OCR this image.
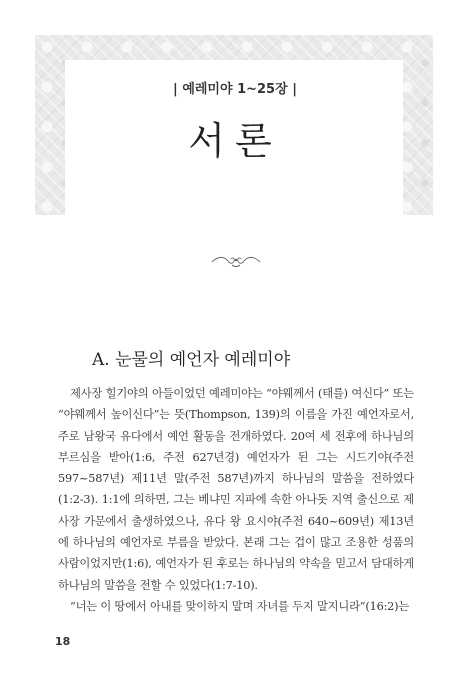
| 예레미야 1~25장 |
서론
A. 눈물의 예언자 예레미야

제사장 힐기야의 아들이었던 예레미야는 “야웨께서 (태를) 여신다” 또는 “야웨께서 높이신다”는 뜻(Thompson, 139)의 이름을 가진 예언자로서, 주로 남왕국 유다에서 예언 활동을 전개하였다. 20여 세 전후에 하나님의 부르심을 받아(1:6, 주전 627년경) 예언자가 된 그는 시드기야(주전 597~587년) 제11년 말(주전 587년)까지 하나님의 말씀을 전하였다(1:2-3). 1:1에 의하면, 그는 베냐민 지파에 속한 아나돗 지역 출신으로 제사장 가문에서 출생하였으나, 유다 왕 요시야(주전 640~609년) 제13년에 하나님의 예언자로 부름을 받았다. 본래 그는 겁이 많고 조용한 성품의 사람이었지만(1:6), 예언자가 된 후로는 하나님의 약속을 믿고서 담대하게 하나님의 말씀을 전할 수 있었다(1:7-10).

“너는 이 땅에서 아내를 맞이하지 말며 자녀를 두지 말지니라”(16:2)는

18
